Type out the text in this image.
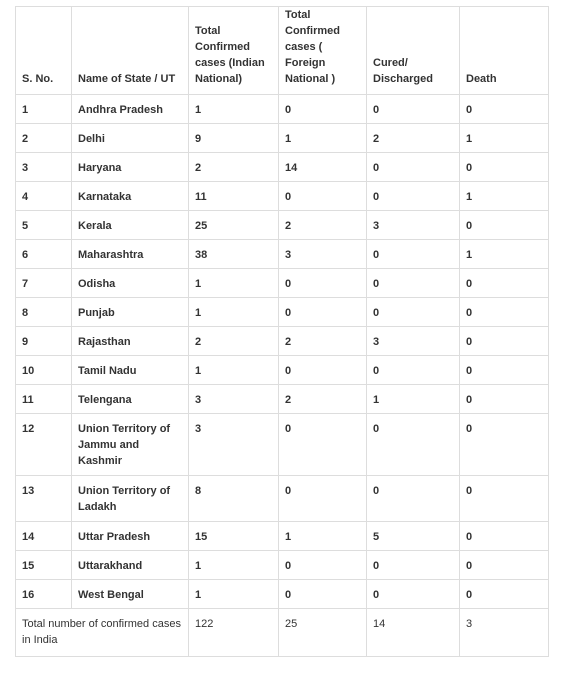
S. No.	Name of State / UT	Total Confirmed cases (Indian National)	Total Confirmed cases ( Foreign National )	Cured/ Discharged	Death
1	Andhra Pradesh	1	0	0	0
2	Delhi	9	1	2	1
3	Haryana	2	14	0	0
4	Karnataka	11	0	0	1
5	Kerala	25	2	3	0
6	Maharashtra	38	3	0	1
7	Odisha	1	0	0	0
8	Punjab	1	0	0	0
9	Rajasthan	2	2	3	0
10	Tamil Nadu	1	0	0	0
11	Telengana	3	2	1	0
12	Union Territory of Jammu and Kashmir	3	0	0	0
13	Union Territory of Ladakh	8	0	0	0
14	Uttar Pradesh	15	1	5	0
15	Uttarakhand	1	0	0	0
16	West Bengal	1	0	0	0
Total number of confirmed cases in India		122	25	14	3
